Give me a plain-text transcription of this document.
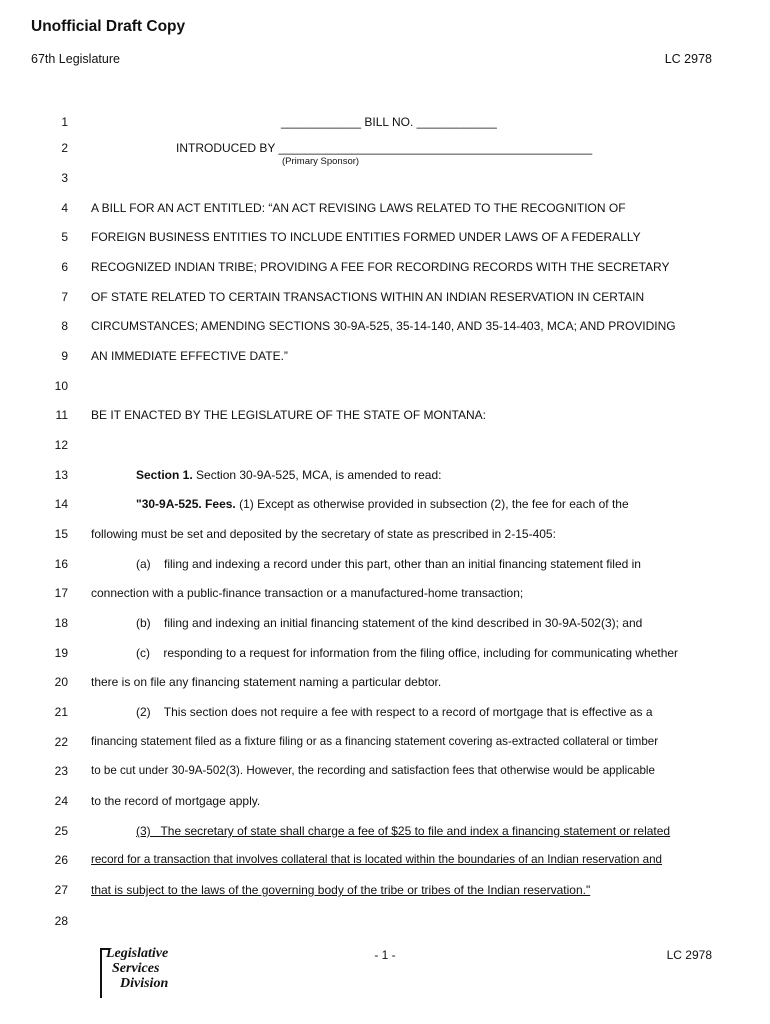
Unofficial Draft Copy
67th Legislature	LC 2978
1	____________ BILL NO. ____________
2	INTRODUCED BY _______________________________________________
(Primary Sponsor)
3
4 A BILL FOR AN ACT ENTITLED: “AN ACT REVISING LAWS RELATED TO THE RECOGNITION OF
5 FOREIGN BUSINESS ENTITIES TO INCLUDE ENTITIES FORMED UNDER LAWS OF A FEDERALLY
6 RECOGNIZED INDIAN TRIBE; PROVIDING A FEE FOR RECORDING RECORDS WITH THE SECRETARY
7 OF STATE RELATED TO CERTAIN TRANSACTIONS WITHIN AN INDIAN RESERVATION IN CERTAIN
8 CIRCUMSTANCES; AMENDING SECTIONS 30-9A-525, 35-14-140, AND 35-14-403, MCA; AND PROVIDING
9 AN IMMEDIATE EFFECTIVE DATE.”
10
11 BE IT ENACTED BY THE LEGISLATURE OF THE STATE OF MONTANA:
12
13	Section 1. Section 30-9A-525, MCA, is amended to read:
14	"30-9A-525. Fees. (1) Except as otherwise provided in subsection (2), the fee for each of the
15 following must be set and deposited by the secretary of state as prescribed in 2-15-405:
16	(a)    filing and indexing a record under this part, other than an initial financing statement filed in
17 connection with a public-finance transaction or a manufactured-home transaction;
18	(b)    filing and indexing an initial financing statement of the kind described in 30-9A-502(3); and
19	(c)    responding to a request for information from the filing office, including for communicating whether
20 there is on file any financing statement naming a particular debtor.
21	(2)    This section does not require a fee with respect to a record of mortgage that is effective as a
22 financing statement filed as a fixture filing or as a financing statement covering as-extracted collateral or timber
23 to be cut under 30-9A-502(3). However, the recording and satisfaction fees that otherwise would be applicable
24 to the record of mortgage apply.
25	(3)   The secretary of state shall charge a fee of $25 to file and index a financing statement or related
26 record for a transaction that involves collateral that is located within the boundaries of an Indian reservation and
27 that is subject to the laws of the governing body of the tribe or tribes of the Indian reservation."
28
Legislative
Services
Division
- 1 -	LC 2978
